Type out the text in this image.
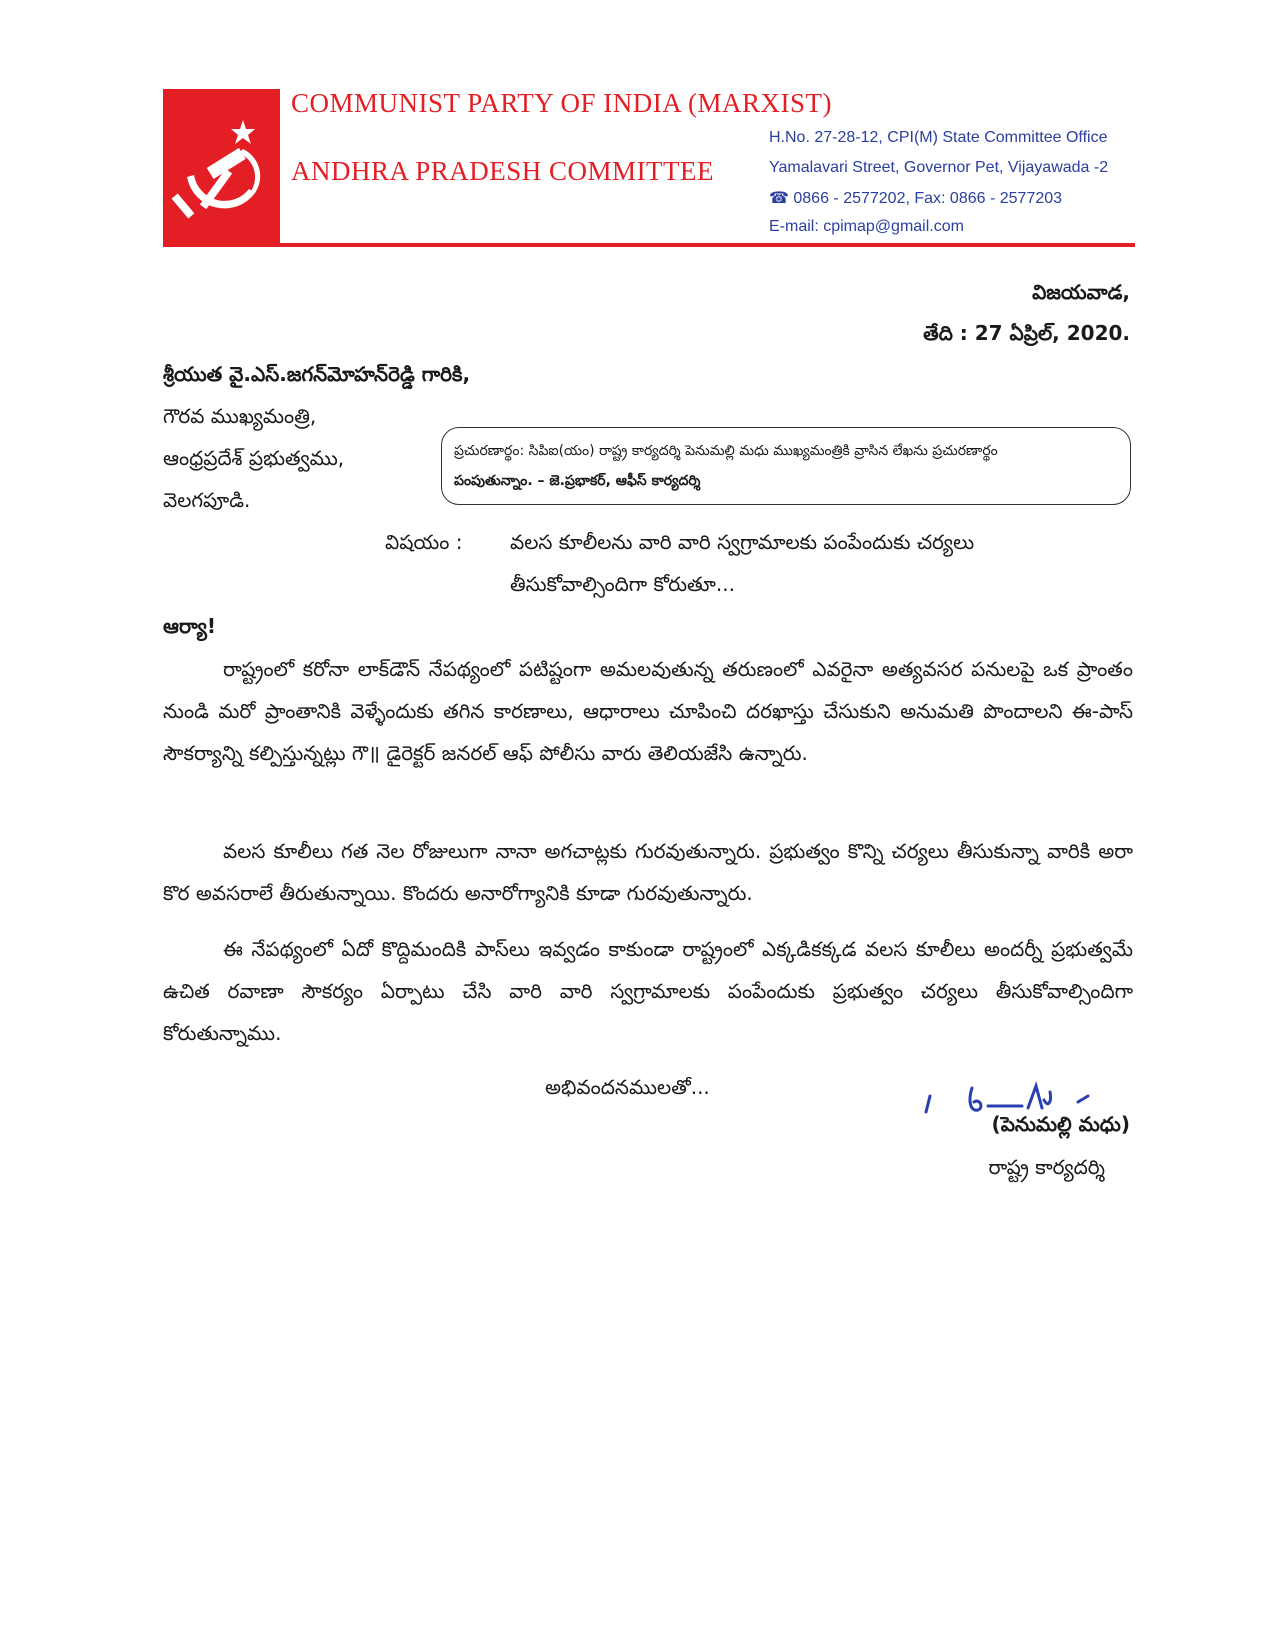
COMMUNIST PARTY OF INDIA (MARXIST)
ANDHRA PRADESH COMMITTEE
H.No. 27-28-12, CPI(M) State Committee Office
Yamalavari Street, Governor Pet, Vijayawada -2
☎ 0866 - 2577202, Fax: 0866 - 2577203
E-mail: cpimap@gmail.com
విజయవాడ,
తేది : 27 ఏప్రిల్, 2020.
శ్రీయుత వై.ఎస్.జగన్‌మోహన్‌రెడ్డి గారికి,
గౌరవ ముఖ్యమంత్రి,
ఆంధ్రప్రదేశ్ ప్రభుత్వము,
వెలగపూడి.
ప్రచురణార్థం: సిపిఐ(యం) రాష్ట్ర కార్యదర్శి పెనుమల్లి మధు ముఖ్యమంత్రికి వ్రాసిన లేఖను ప్రచురణార్థం
పంపుతున్నాం. – జె.ప్రభాకర్, ఆఫీస్ కార్యదర్శి
విషయం : వలస కూలీలను వారి వారి స్వగ్రామాలకు పంపేందుకు చర్యలు
తీసుకోవాల్సిందిగా కోరుతూ...
ఆర్యా!
రాష్ట్రంలో కరోనా లాక్‌డౌన్ నేపథ్యంలో పటిష్టంగా అమలవుతున్న తరుణంలో ఎవరైనా అత్యవసర పనులపై ఒక ప్రాంతం నుండి మరో ప్రాంతానికి వెళ్ళేందుకు తగిన కారణాలు, ఆధారాలు చూపించి దరఖాస్తు చేసుకుని అనుమతి పొందాలని ఈ-పాస్ సౌకర్యాన్ని కల్పిస్తున్నట్లు గౌ॥ డైరెక్టర్ జనరల్ ఆఫ్ పోలీసు వారు తెలియజేసి ఉన్నారు.
వలస కూలీలు గత నెల రోజులుగా నానా అగచాట్లకు గురవుతున్నారు. ప్రభుత్వం కొన్ని చర్యలు తీసుకున్నా వారికి అరా కొర అవసరాలే తీరుతున్నాయి. కొందరు అనారోగ్యానికి కూడా గురవుతున్నారు.
ఈ నేపథ్యంలో ఏదో కొద్దిమందికి పాస్‌లు ఇవ్వడం కాకుండా రాష్ట్రంలో ఎక్కడికక్కడ వలస కూలీలు అందర్నీ ప్రభుత్వమే ఉచిత రవాణా సౌకర్యం ఏర్పాటు చేసి వారి వారి స్వగ్రామాలకు పంపేందుకు ప్రభుత్వం చర్యలు తీసుకోవాల్సిందిగా కోరుతున్నాము.
అభివందనములతో...
(పెనుమల్లి మధు)
రాష్ట్ర కార్యదర్శి
